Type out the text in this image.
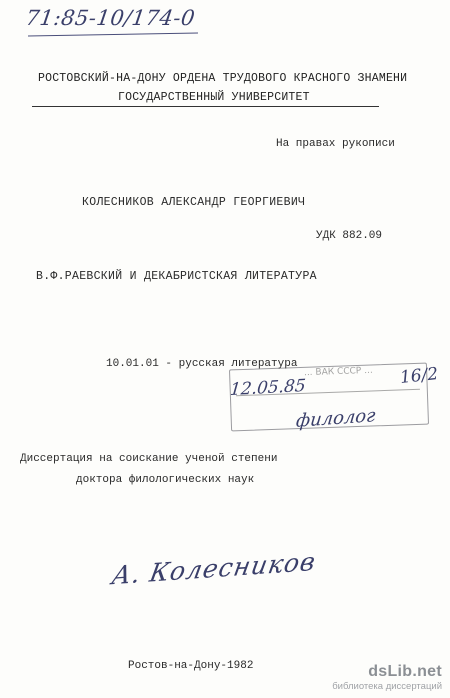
71:85-10/174-0
РОСТОВСКИЙ-НА-ДОНУ ОРДЕНА ТРУДОВОГО КРАСНОГО ЗНАМЕНИ
ГОСУДАРСТВЕННЫЙ УНИВЕРСИТЕТ
На правах рукописи
КОЛЕСНИКОВ АЛЕКСАНДР ГЕОРГИЕВИЧ
УДК 882.09
В.Ф.РАЕВСКИЙ И ДЕКАБРИСТСКАЯ ЛИТЕРАТУРА
10.01.01 - русская литература
... ВАК СССР ...
12.05.85	16/2
филолог
Диссертация на соискание ученой степени
доктора филологических наук
А. Колесников
Ростов-на-Дону-1982	dsLib.net
библиотека диссертаций
